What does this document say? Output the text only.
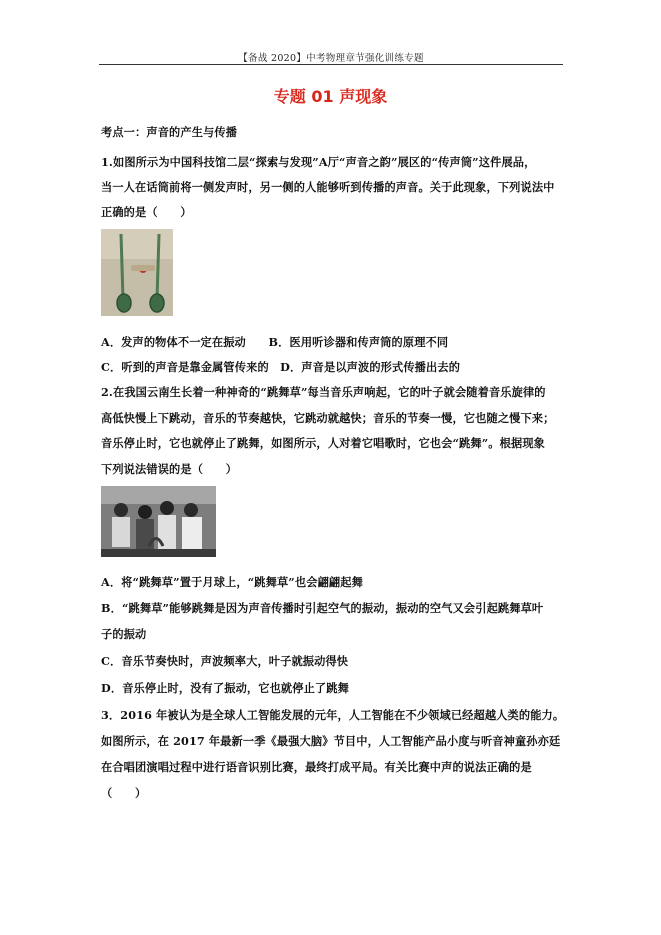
【备战 2020】中考物理章节强化训练专题
专题 01 声现象
考点一：声音的产生与传播
1.如图所示为中国科技馆二层“探索与发现”A厅“声音之韵”展区的“传声筒”这件展品，
当一人在话筒前将一侧发声时，另一侧的人能够听到传播的声音。关于此现象，下列说法中
正确的是（　　）
A．发声的物体不一定在振动　　B．医用听诊器和传声筒的原理不同
C．听到的声音是靠金属管传来的　D．声音是以声波的形式传播出去的
2.在我国云南生长着一种神奇的“跳舞草”每当音乐声响起，它的叶子就会随着音乐旋律的
高低快慢上下跳动，音乐的节奏越快，它跳动就越快；音乐的节奏一慢，它也随之慢下来；
音乐停止时，它也就停止了跳舞，如图所示，人对着它唱歌时，它也会“跳舞”。根据现象
下列说法错误的是（　　）
A．将“跳舞草”置于月球上，“跳舞草”也会翩翩起舞
B．“跳舞草”能够跳舞是因为声音传播时引起空气的振动，振动的空气又会引起跳舞草叶
子的振动
C．音乐节奏快时，声波频率大，叶子就振动得快
D．音乐停止时，没有了振动，它也就停止了跳舞
3．2016 年被认为是全球人工智能发展的元年，人工智能在不少领域已经超越人类的能力。
如图所示，在 2017 年最新一季《最强大脑》节目中，人工智能产品小度与听音神童孙亦廷
在合唱团演唱过程中进行语音识别比赛，最终打成平局。有关比赛中声的说法正确的是
（　　）
